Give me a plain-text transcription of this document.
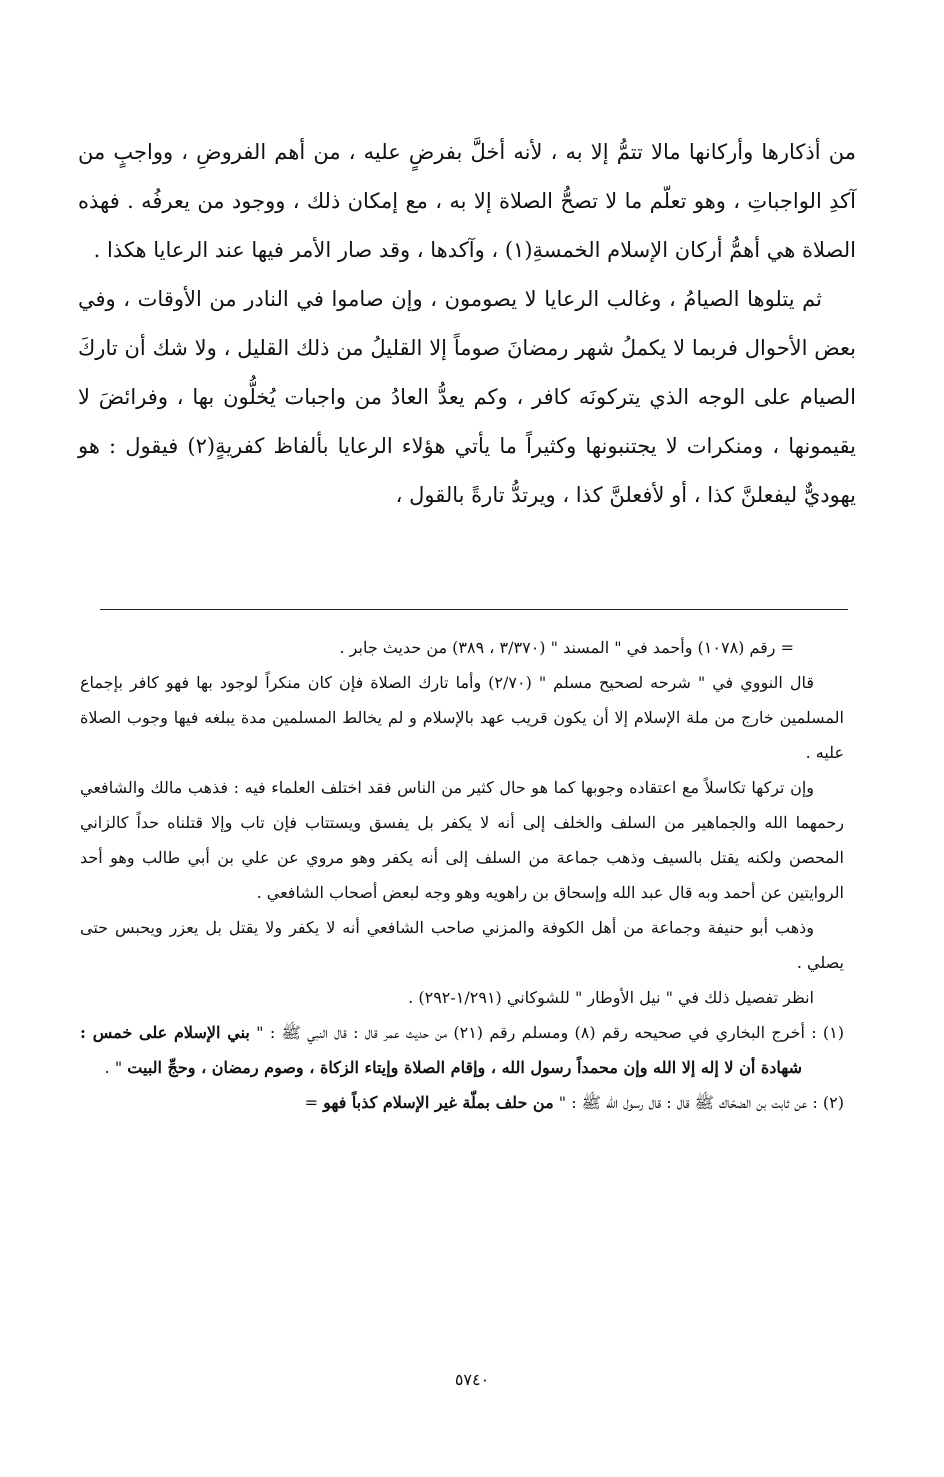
من أذكارها وأركانها مالا تتمُّ إلا به ، لأنه أخلَّ بفرضٍ عليه ، من أهم الفروضِ ، وواجبٍ من آكدِ الواجباتِ ، وهو تعلّم ما لا تصحُّ الصلاة إلا به ، مع إمكان ذلك ، ووجود من يعرفُه . فهذه الصلاة هي أهمُّ أركان الإسلام الخمسةِ(١) ، وآكدها ، وقد صار الأمر فيها عند الرعايا هكذا .

ثم يتلوها الصيامُ ، وغالب الرعايا لا يصومون ، وإن صاموا في النادر من الأوقات ، وفي بعض الأحوال فربما لا يكملُ شهر رمضانَ صوماً إلا القليلُ من ذلك القليل ، ولا شك أن تاركَ الصيام على الوجه الذي يتركونَه كافر ، وكم يعدُّ العادُ من واجبات يُخلُّون بها ، وفرائضَ لا يقيمونها ، ومنكرات لا يجتنبونها وكثيراً ما يأتي هؤلاء الرعايا بألفاظ كفريةٍ(٢) فيقول : هو يهوديٌّ ليفعلنَّ كذا ، أو لأفعلنَّ كذا ، ويرتدُّ تارةً بالقول ،

= رقم (١٠٧٨) وأحمد في " المسند " (٣/٣٧٠ ، ٣٨٩) من حديث جابر .

قال النووي في " شرحه لصحيح مسلم " (٢/٧٠) وأما تارك الصلاة فإن كان منكراً لوجود بها فهو كافر بإجماع المسلمين خارج من ملة الإسلام إلا أن يكون قريب عهد بالإسلام و لم يخالط المسلمين مدة يبلغه فيها وجوب الصلاة عليه .

وإن تركها تكاسلاً مع اعتقاده وجوبها كما هو حال كثير من الناس فقد اختلف العلماء فيه : فذهب مالك والشافعي رحمهما الله والجماهير من السلف والخلف إلى أنه لا يكفر بل يفسق ويستتاب فإن تاب وإلا قتلناه حداً كالزاني المحصن ولكنه يقتل بالسيف وذهب جماعة من السلف إلى أنه يكفر وهو مروي عن علي بن أبي طالب وهو أحد الروايتين عن أحمد وبه قال عبد الله وإسحاق بن راهويه وهو وجه لبعض أصحاب الشافعي .

وذهب أبو حنيفة وجماعة من أهل الكوفة والمزني صاحب الشافعي أنه لا يكفر ولا يقتل بل يعزر ويحبس حتى يصلي .

انظر تفصيل ذلك في " نيل الأوطار " للشوكاني (١/٢٩١-٢٩٢) .

(١) : أخرج البخاري في صحيحه رقم (٨) ومسلم رقم (٢١) من حديث عمر قال : قال النبي ﷺ : " بني الإسلام على خمس : شهادة أن لا إله إلا الله وإن محمداً رسول الله ، وإقام الصلاة وإيتاء الزكاة ، وصوم رمضان ، وحجِّ البيت " .

(٢) : عن ثابت بن الضحّاك ﷺ قال : قال رسول الله ﷺ : " من حلف بملّة غير الإسلام كذباً فهو =

٥٧٤٠
